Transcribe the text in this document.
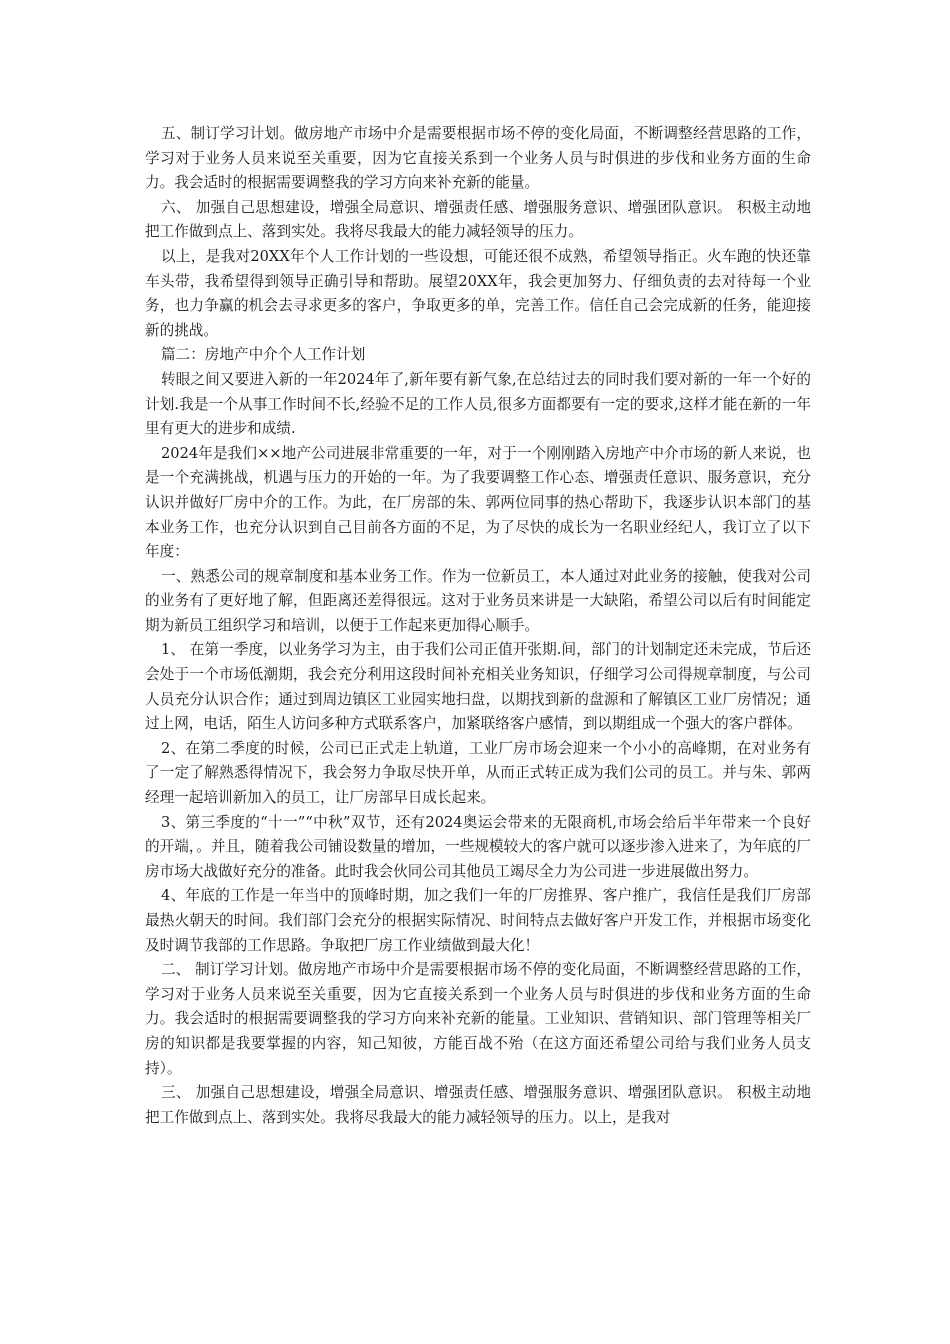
五、制订学习计划。做房地产市场中介是需要根据市场不停的变化局面，不断调整经营思路的工作，学习对于业务人员来说至关重要，因为它直接关系到一个业务人员与时俱进的步伐和业务方面的生命力。我会适时的根据需要调整我的学习方向来补充新的能量。

六、 加强自己思想建设，增强全局意识、增强责任感、增强服务意识、增强团队意识。 积极主动地把工作做到点上、落到实处。我将尽我最大的能力减轻领导的压力。

以上，是我对20XX年个人工作计划的一些设想，可能还很不成熟，希望领导指正。火车跑的快还靠车头带，我希望得到领导正确引导和帮助。展望20XX年，我会更加努力、仔细负责的去对待每一个业务，也力争赢的机会去寻求更多的客户，争取更多的单，完善工作。信任自己会完成新的任务，能迎接新的挑战。

篇二：房地产中介个人工作计划

转眼之间又要进入新的一年2024年了,新年要有新气象,在总结过去的同时我们要对新的一年一个好的计划.我是一个从事工作时间不长,经验不足的工作人员,很多方面都要有一定的要求,这样才能在新的一年里有更大的进步和成绩.

2024年是我们××地产公司进展非常重要的一年，对于一个刚刚踏入房地产中介市场的新人来说，也是一个充满挑战，机遇与压力的开始的一年。为了我要调整工作心态、增强责任意识、服务意识，充分认识并做好厂房中介的工作。为此，在厂房部的朱、郭两位同事的热心帮助下，我逐步认识本部门的基本业务工作，也充分认识到自己目前各方面的不足，为了尽快的成长为一名职业经纪人，我订立了以下年度：

一、熟悉公司的规章制度和基本业务工作。作为一位新员工，本人通过对此业务的接触，使我对公司的业务有了更好地了解，但距离还差得很远。这对于业务员来讲是一大缺陷，希望公司以后有时间能定期为新员工组织学习和培训，以便于工作起来更加得心顺手。

1、 在第一季度，以业务学习为主，由于我们公司正值开张期.间，部门的计划制定还未完成，节后还会处于一个市场低潮期，我会充分利用这段时间补充相关业务知识，仔细学习公司得规章制度，与公司人员充分认识合作；通过到周边镇区工业园实地扫盘，以期找到新的盘源和了解镇区工业厂房情况；通过上网，电话，陌生人访问多种方式联系客户，加紧联络客户感情，到以期组成一个强大的客户群体。

2、在第二季度的时候，公司已正式走上轨道，工业厂房市场会迎来一个小小的高峰期，在对业务有了一定了解熟悉得情况下，我会努力争取尽快开单，从而正式转正成为我们公司的员工。并与朱、郭两经理一起培训新加入的员工，让厂房部早日成长起来。

3、第三季度的“十一”“中秋”双节，还有2024奥运会带来的无限商机,市场会给后半年带来一个良好的开端，。并且，随着我公司铺设数量的增加，一些规模较大的客户就可以逐步渗入进来了，为年底的厂房市场大战做好充分的准备。此时我会伙同公司其他员工竭尽全力为公司进一步进展做出努力。

4、年底的工作是一年当中的顶峰时期，加之我们一年的厂房推界、客户推广，我信任是我们厂房部最热火朝天的时间。我们部门会充分的根据实际情况、时间特点去做好客户开发工作，并根据市场变化及时调节我部的工作思路。争取把厂房工作业绩做到最大化！

二、 制订学习计划。做房地产市场中介是需要根据市场不停的变化局面，不断调整经营思路的工作，学习对于业务人员来说至关重要，因为它直接关系到一个业务人员与时俱进的步伐和业务方面的生命力。我会适时的根据需要调整我的学习方向来补充新的能量。工业知识、营销知识、部门管理等相关厂房的知识都是我要掌握的内容，知己知彼，方能百战不殆（在这方面还希望公司给与我们业务人员支持）。

三、 加强自己思想建设，增强全局意识、增强责任感、增强服务意识、增强团队意识。 积极主动地把工作做到点上、落到实处。我将尽我最大的能力减轻领导的压力。以上，是我对
